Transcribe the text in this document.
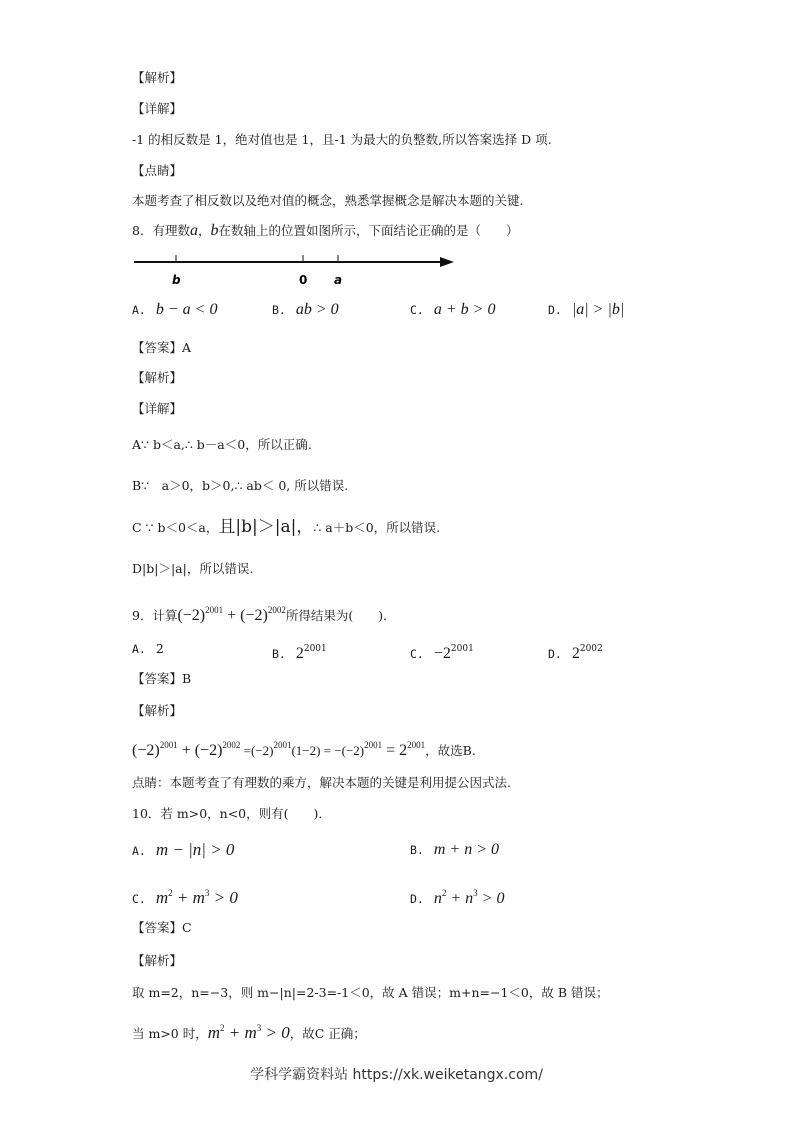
【解析】
【详解】
-1 的相反数是 1，绝对值也是 1，且-1 为最大的负整数,所以答案选择 D 项.
【点睛】
本题考查了相反数以及绝对值的概念，熟悉掌握概念是解决本题的关键.
8．有理数a，b在数轴上的位置如图所示，下面结论正确的是（　　）
b	0 a
A. b − a < 0	B. ab > 0	C. a + b > 0	D. |a| > |b|
【答案】A
【解析】
【详解】
A∵ b＜a,∴ b－a＜0，所以正确.
B∵　a＞0，b＞0,∴ ab＜ 0, 所以错误.
C ∵ b＜0＜a，且|b|＞|a|，∴ a＋b＜0，所以错误.
D|b|＞|a|，所以错误.
9．计算$(-2)^{2001} + (-2)^{2002}$所得结果为(　　)．
A. 2	B. $2^{2001}$	C. $-2^{2001}$	D. $2^{2002}$
【答案】B
【解析】
$(-2)^{2001} + (-2)^{2002} =(-2)^{2001}(1-2) = -(-2)^{2001} = 2^{2001}$，故选B.
点睛：本题考查了有理数的乘方，解决本题的关键是利用提公因式法.
10．若 m>0，n<0，则有(　　)．
A. m − |n| > 0	B. m + n > 0
C. $m^2 + m^3 > 0$	D. $n^2 + n^3 > 0$
【答案】C
【解析】
取 m=2，n=−3，则 m−|n|=2-3=-1＜0，故 A 错误；m+n=−1＜0，故 B 错误；
当 m>0 时，$m^2 + m^3 > 0$，故C 正确；
学科学霸资料站 https://xk.weiketangx.com/
